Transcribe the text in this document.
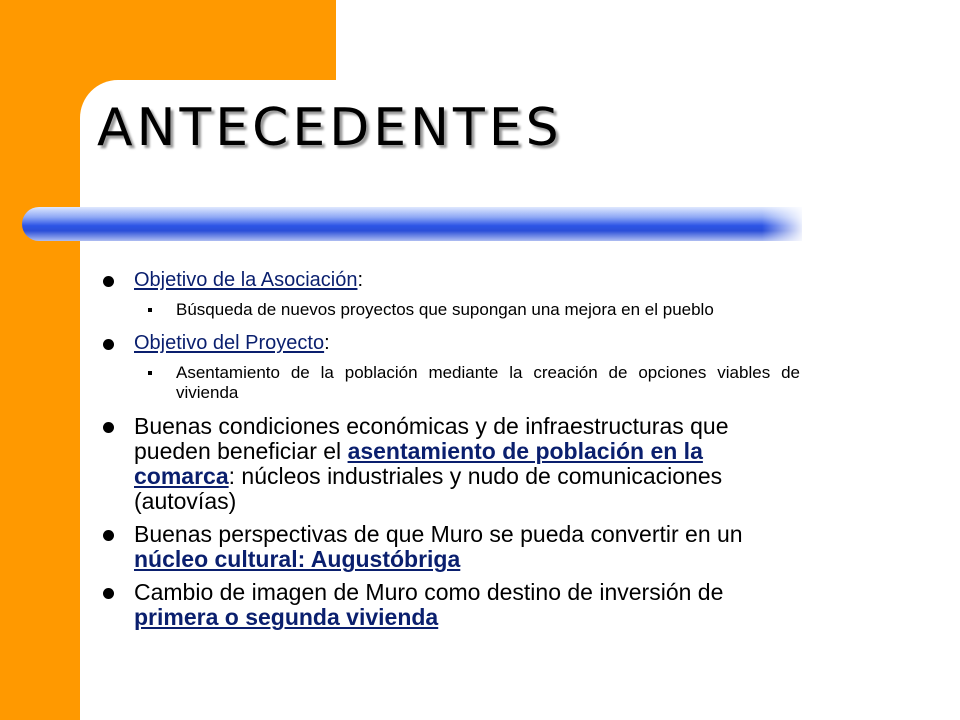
ANTECEDENTES
Objetivo de la Asociación:
Búsqueda de nuevos proyectos que supongan una mejora en el pueblo
Objetivo del Proyecto:
Asentamiento de la población mediante la creación de opciones viables de vivienda
Buenas condiciones económicas y de infraestructuras que pueden beneficiar el asentamiento de población en la comarca: núcleos industriales y nudo de comunicaciones (autovías)
Buenas perspectivas de que Muro se pueda convertir en un núcleo cultural: Augustóbriga
Cambio de imagen de Muro como destino de inversión de primera o segunda vivienda
